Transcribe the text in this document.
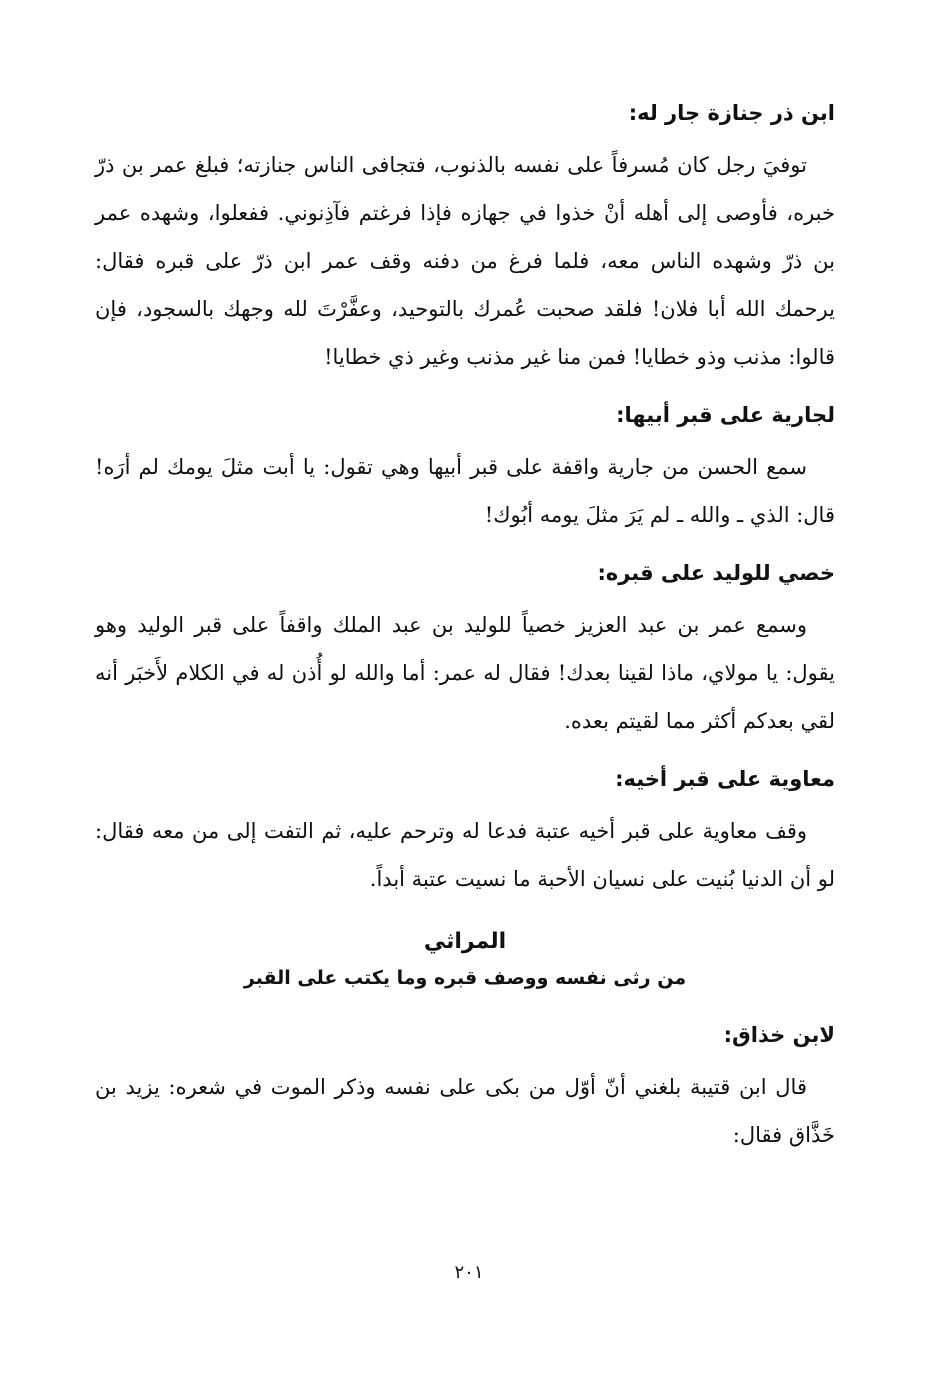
ابن ذر جنازة جار له:

توفيَ رجل كان مُسرفاً على نفسه بالذنوب، فتجافى الناس جنازته؛ فبلغ عمر بن ذرّ خبره، فأوصى إلى أهله أنْ خذوا في جهازه فإذا فرغتم فآذِنوني. ففعلوا، وشهده عمر بن ذرّ وشهده الناس معه، فلما فرغ من دفنه وقف عمر ابن ذرّ على قبره فقال: يرحمك الله أبا فلان! فلقد صحبت عُمرك بالتوحيد، وعفَّرْتَ لله وجهك بالسجود، فإن قالوا: مذنب وذو خطايا! فمن منا غير مذنب وغير ذي خطايا!

لجارية على قبر أبيها:

سمع الحسن من جارية واقفة على قبر أبيها وهي تقول: يا أبت مثلَ يومك لم أرَه! قال: الذي ـ والله ـ لم يَرَ مثلَ يومه أبُوك!

خصي للوليد على قبره:

وسمع عمر بن عبد العزيز خصياً للوليد بن عبد الملك واقفاً على قبر الوليد وهو يقول: يا مولاي، ماذا لقينا بعدك! فقال له عمر: أما والله لو أُذن له في الكلام لأَخبَر أنه لقي بعدكم أكثر مما لقيتم بعده.

معاوية على قبر أخيه:

وقف معاوية على قبر أخيه عتبة فدعا له وترحم عليه، ثم التفت إلى من معه فقال: لو أن الدنيا بُنيت على نسيان الأحبة ما نسيت عتبة أبداً.

المراثي
من رثى نفسه ووصف قبره وما يكتب على القبر
لابن خذاق:

قال ابن قتيبة بلغني أنّ أوّل من بكى على نفسه وذكر الموت في شعره: يزيد بن خَذَّاق فقال:

٢٠١
